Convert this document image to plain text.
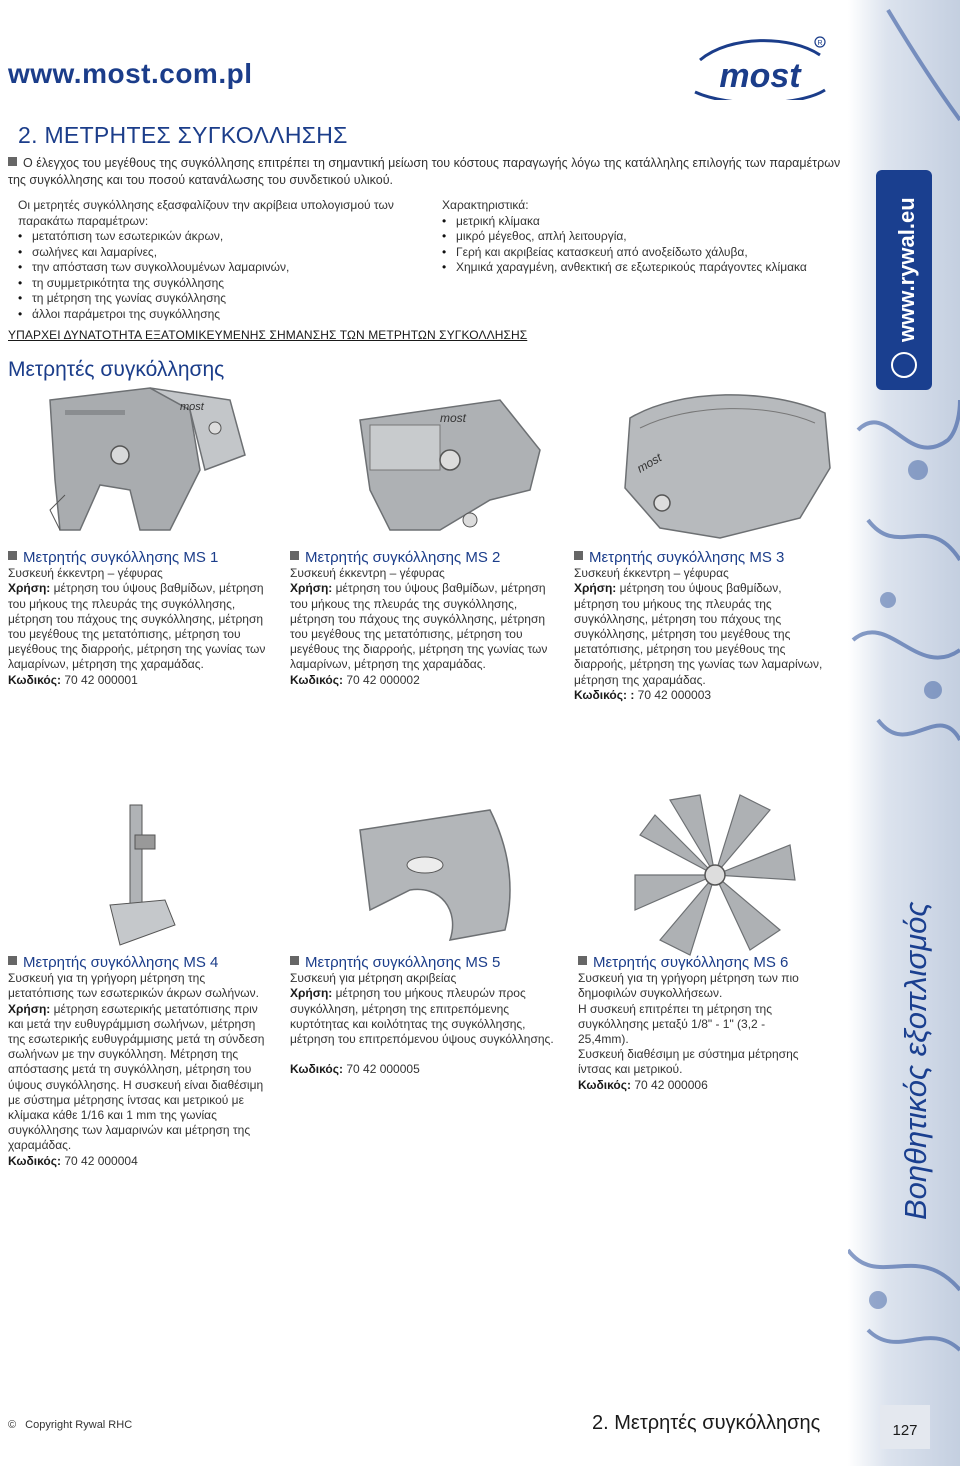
www.rywal.eu
Βοηθητικός εξοπλισμός
www.most.com.pl	most
R
2. ΜΕΤΡΗΤΕΣ ΣΥΓΚΟΛΛΗΣΗΣ
Ο έλεγχος του μεγέθους της συγκόλλησης επιτρέπει τη σημαντική μείωση του κόστους παραγωγής λόγω της κατάλληλης επιλογής των παραμέτρων της συγκόλλησης και του ποσού κατανάλωσης του συνδετικού υλικού.
Οι μετρητές συγκόλλησης εξασφαλίζουν την ακρίβεια υπολογισμού των
παρακάτω παραμέτρων:
• μετατόπιση των εσωτερικών άκρων,
• σωλήνες και λαμαρίνες,
• την απόσταση των συγκολλουμένων λαμαρινών,
• τη συμμετρικότητα της συγκόλλησης
• τη μέτρηση της γωνίας συγκόλλησης
• άλλοι παράμετροι της συγκόλλησης
Χαρακτηριστικά:
• μετρική κλίμακα
• μικρό μέγεθος, απλή λειτουργία,
• Γερή και ακριβείας κατασκευή από ανοξείδωτο χάλυβα,
• Χημικά χαραγμένη, ανθεκτική σε εξωτερικούς παράγοντες κλίμακα
ΥΠΑΡΧΕΙ ΔΥΝΑΤΟΤΗΤΑ ΕΞΑΤΟΜΙΚΕΥΜΕΝΗΣ ΣΗΜΑΝΣΗΣ ΤΩΝ ΜΕΤΡΗΤΩΝ ΣΥΓΚΟΛΛΗΣΗΣ
Μετρητές συγκόλλησης
most
most
most
Μετρητής συγκόλλησης MS 1
Συσκευή έκκεντρη – γέφυρας
Χρήση: μέτρηση του ύψους βαθμίδων, μέτρηση του μήκους της πλευράς της συγκόλλησης, μέτρηση του πάχους της συγκόλλησης, μέτρηση του μεγέθους της μετατόπισης, μέτρηση του μεγέθους της διαρροής, μέτρηση της γωνίας των λαμαρίνων, μέτρηση της χαραμάδας.
Κωδικός: 70 42 000001
Μετρητής συγκόλλησης MS 2
Συσκευή έκκεντρη – γέφυρας
Χρήση: μέτρηση του ύψους βαθμίδων, μέτρηση του μήκους της πλευράς της συγκόλλησης, μέτρηση του πάχους της συγκόλλησης, μέτρηση του μεγέθους της μετατόπισης, μέτρηση του μεγέθους της διαρροής, μέτρηση της γωνίας των λαμαρίνων, μέτρηση της χαραμάδας.
Κωδικός: 70 42 000002
Μετρητής συγκόλλησης MS 3
Συσκευή έκκεντρη – γέφυρας
Χρήση: μέτρηση του ύψους βαθμίδων, μέτρηση του μήκους της πλευράς της συγκόλλησης, μέτρηση του πάχους της συγκόλλησης, μέτρηση του μεγέθους της μετατόπισης, μέτρηση του μεγέθους της διαρροής, μέτρηση της γωνίας των λαμαρίνων, μέτρηση της χαραμάδας.
Κωδικός: : 70 42 000003
Μετρητής συγκόλλησης MS 4
Συσκευή για τη γρήγορη μέτρηση της μετατόπισης των εσωτερικών άκρων σωλήνων.
Χρήση: μέτρηση εσωτερικής μετατόπισης πριν και μετά την ευθυγράμμιση σωλήνων, μέτρηση της εσωτερικής ευθυγράμμισης μετά τη σύνδεση σωλήνων με την συγκόλληση. Μέτρηση της απόστασης μετά τη συγκόλληση, μέτρηση του ύψους συγκόλλησης. Η συσκευή είναι διαθέσιμη με σύστημα μέτρησης ίντσας και μετρικού με κλίμακα κάθε 1/16 και 1 mm της γωνίας συγκόλλησης των λαμαρινών και μέτρηση της χαραμάδας.
Κωδικός: 70 42 000004
Μετρητής συγκόλλησης MS 5
Συσκευή για μέτρηση ακριβείας
Χρήση: μέτρηση του μήκους πλευρών προς συγκόλληση, μέτρηση της επιτρεπόμενης κυρτότητας και κοιλότητας της συγκόλλησης, μέτρηση του επιτρεπόμενου ύψους συγκόλλησης.
Κωδικός: 70 42 000005
Μετρητής συγκόλλησης MS 6
Συσκευή για τη γρήγορη μέτρηση των πιο δημοφιλών συγκολλήσεων.
Η συσκευή επιτρέπει τη μέτρηση της συγκόλλησης μεταξύ 1/8" - 1" (3,2 - 25,4mm).
Συσκευή διαθέσιμη με σύστημα μέτρησης ίντσας και μετρικού.
Κωδικός: 70 42 000006
© Copyright Rywal RHC	2. Μετρητές συγκόλλησης	127
